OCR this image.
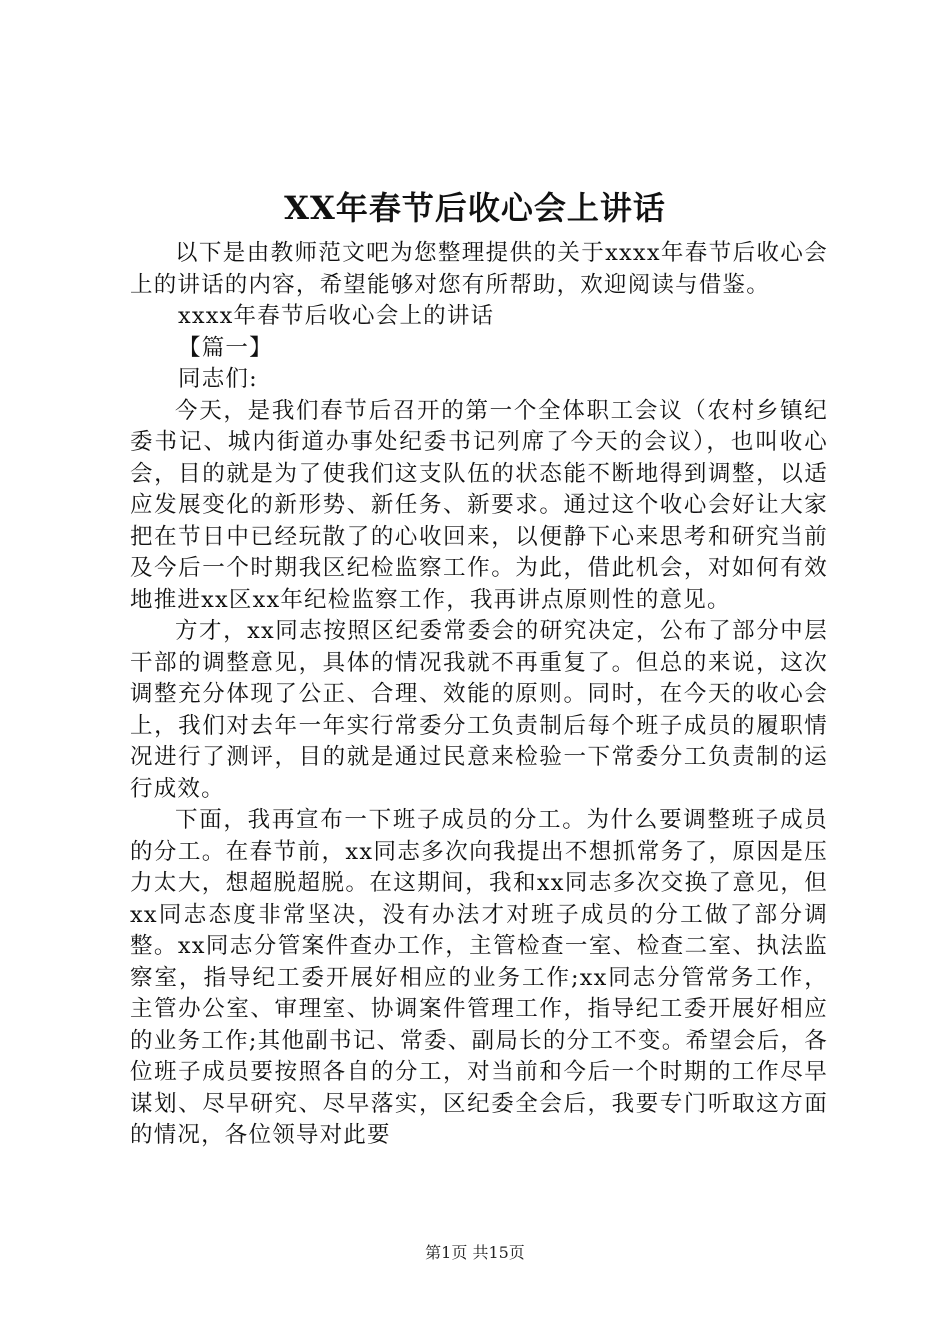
XX年春节后收心会上讲话

以下是由教师范文吧为您整理提供的关于xxxx年春节后收心会上的讲话的内容，希望能够对您有所帮助，欢迎阅读与借鉴。

xxxx年春节后收心会上的讲话

【篇一】

同志们:

今天，是我们春节后召开的第一个全体职工会议（农村乡镇纪委书记、城内街道办事处纪委书记列席了今天的会议），也叫收心会，目的就是为了使我们这支队伍的状态能不断地得到调整，以适应发展变化的新形势、新任务、新要求。通过这个收心会好让大家把在节日中已经玩散了的心收回来，以便静下心来思考和研究当前及今后一个时期我区纪检监察工作。为此，借此机会，对如何有效地推进xx区xx年纪检监察工作，我再讲点原则性的意见。

方才，xx同志按照区纪委常委会的研究决定，公布了部分中层干部的调整意见，具体的情况我就不再重复了。但总的来说，这次调整充分体现了公正、合理、效能的原则。同时，在今天的收心会上，我们对去年一年实行常委分工负责制后每个班子成员的履职情况进行了测评，目的就是通过民意来检验一下常委分工负责制的运行成效。

下面，我再宣布一下班子成员的分工。为什么要调整班子成员的分工。在春节前，xx同志多次向我提出不想抓常务了，原因是压力太大，想超脱超脱。在这期间，我和xx同志多次交换了意见，但xx同志态度非常坚决，没有办法才对班子成员的分工做了部分调整。xx同志分管案件查办工作，主管检查一室、检查二室、执法监察室，指导纪工委开展好相应的业务工作;xx同志分管常务工作，主管办公室、审理室、协调案件管理工作，指导纪工委开展好相应的业务工作;其他副书记、常委、副局长的分工不变。希望会后，各位班子成员要按照各自的分工，对当前和今后一个时期的工作尽早谋划、尽早研究、尽早落实，区纪委全会后，我要专门听取这方面的情况，各位领导对此要

第1页 共15页
